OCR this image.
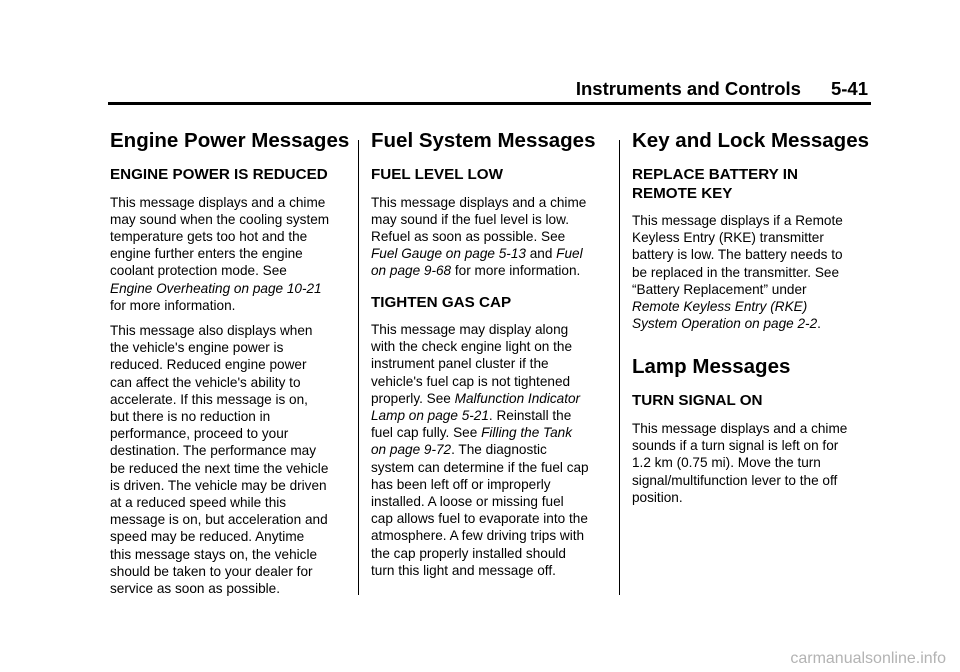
Instruments and Controls 5-41
Engine Power Messages
ENGINE POWER IS REDUCED

This message displays and a chime
may sound when the cooling system
temperature gets too hot and the
engine further enters the engine
coolant protection mode. See
Engine Overheating on page 10-21
for more information.

This message also displays when
the vehicle's engine power is
reduced. Reduced engine power
can affect the vehicle's ability to
accelerate. If this message is on,
but there is no reduction in
performance, proceed to your
destination. The performance may
be reduced the next time the vehicle
is driven. The vehicle may be driven
at a reduced speed while this
message is on, but acceleration and
speed may be reduced. Anytime
this message stays on, the vehicle
should be taken to your dealer for
service as soon as possible.

Fuel System Messages
FUEL LEVEL LOW

This message displays and a chime
may sound if the fuel level is low.
Refuel as soon as possible. See
Fuel Gauge on page 5-13 and Fuel
on page 9-68 for more information.

TIGHTEN GAS CAP

This message may display along
with the check engine light on the
instrument panel cluster if the
vehicle's fuel cap is not tightened
properly. See Malfunction Indicator
Lamp on page 5-21. Reinstall the
fuel cap fully. See Filling the Tank
on page 9-72. The diagnostic
system can determine if the fuel cap
has been left off or improperly
installed. A loose or missing fuel
cap allows fuel to evaporate into the
atmosphere. A few driving trips with
the cap properly installed should
turn this light and message off.

Key and Lock Messages
REPLACE BATTERY IN
REMOTE KEY

This message displays if a Remote
Keyless Entry (RKE) transmitter
battery is low. The battery needs to
be replaced in the transmitter. See
“Battery Replacement” under
Remote Keyless Entry (RKE)
System Operation on page 2-2.

Lamp Messages
TURN SIGNAL ON

This message displays and a chime
sounds if a turn signal is left on for
1.2 km (0.75 mi). Move the turn
signal/multifunction lever to the off
position.

carmanualsonline.info
